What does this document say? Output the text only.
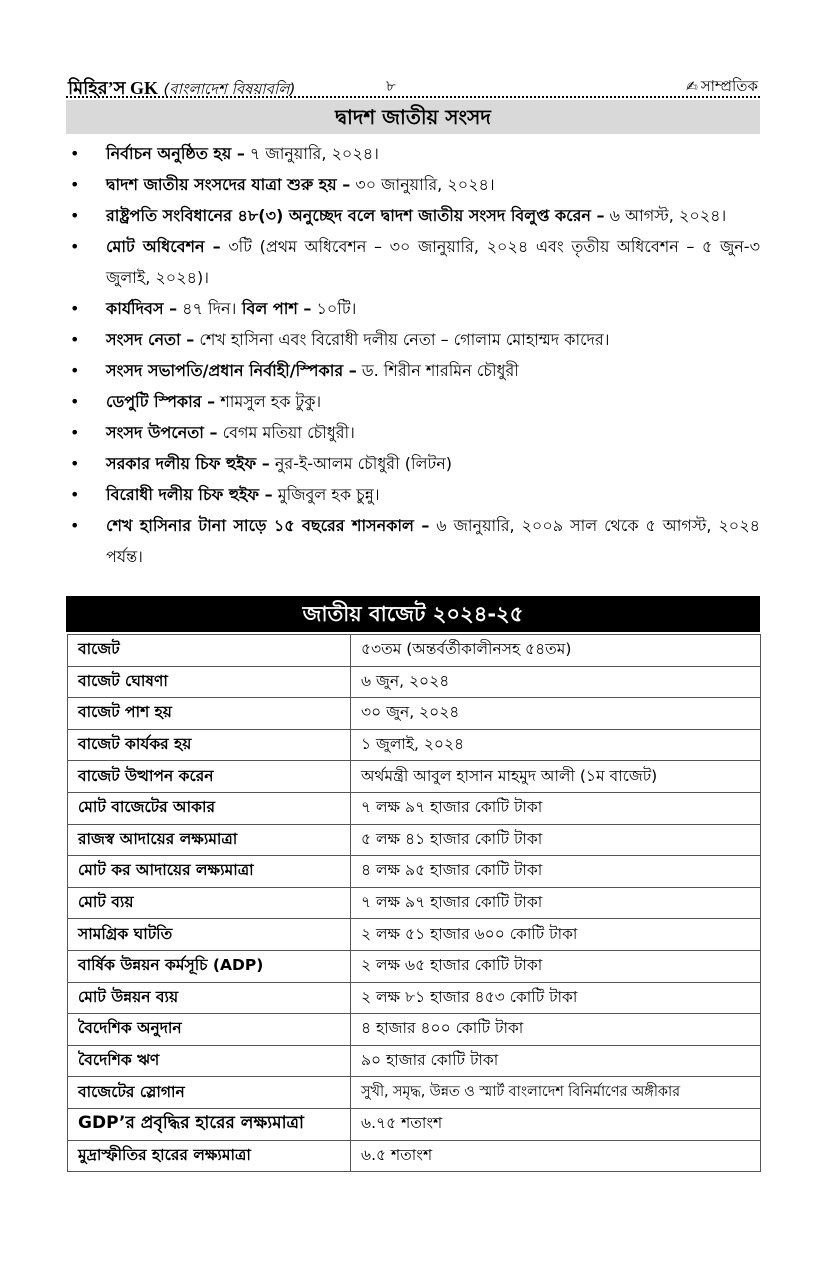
মিহির’স GK (বাংলাদেশ বিষয়াবলি)	৮	✍ সাম্প্রতিক
দ্বাদশ জাতীয় সংসদ
• নির্বাচন অনুষ্ঠিত হয় – ৭ জানুয়ারি, ২০২৪।
• দ্বাদশ জাতীয় সংসদের যাত্রা শুরু হয় – ৩০ জানুয়ারি, ২০২৪।
• রাষ্ট্রপতি সংবিধানের ৪৮(৩) অনুচ্ছেদ বলে দ্বাদশ জাতীয় সংসদ বিলুপ্ত করেন – ৬ আগস্ট, ২০২৪।
• মোট অধিবেশন – ৩টি (প্রথম অধিবেশন – ৩০ জানুয়ারি, ২০২৪ এবং তৃতীয় অধিবেশন – ৫ জুন-৩ জুলাই, ২০২৪)।
• কার্যদিবস – ৪৭ দিন। বিল পাশ – ১০টি।
• সংসদ নেতা – শেখ হাসিনা এবং বিরোধী দলীয় নেতা – গোলাম মোহাম্মদ কাদের।
• সংসদ সভাপতি/প্রধান নির্বাহী/স্পিকার – ড. শিরীন শারমিন চৌধুরী
• ডেপুটি স্পিকার – শামসুল হক টুকু।
• সংসদ উপনেতা – বেগম মতিয়া চৌধুরী।
• সরকার দলীয় চিফ হুইফ – নুর-ই-আলম চৌধুরী (লিটন)
• বিরোধী দলীয় চিফ হুইফ – মুজিবুল হক চুন্নু।
• শেখ হাসিনার টানা সাড়ে ১৫ বছরের শাসনকাল – ৬ জানুয়ারি, ২০০৯ সাল থেকে ৫ আগস্ট, ২০২৪ পর্যন্ত।
জাতীয় বাজেট ২০২৪-২৫
বাজেট	৫৩তম (অন্তর্বর্তীকালীনসহ ৫৪তম)
বাজেট ঘোষণা	৬ জুন, ২০২৪
বাজেট পাশ হয়	৩০ জুন, ২০২৪
বাজেট কার্যকর হয়	১ জুলাই, ২০২৪
বাজেট উত্থাপন করেন	অর্থমন্ত্রী আবুল হাসান মাহমুদ আলী (১ম বাজেট)
মোট বাজেটের আকার	৭ লক্ষ ৯৭ হাজার কোটি টাকা
রাজস্ব আদায়ের লক্ষ্যমাত্রা	৫ লক্ষ ৪১ হাজার কোটি টাকা
মোট কর আদায়ের লক্ষ্যমাত্রা	৪ লক্ষ ৯৫ হাজার কোটি টাকা
মোট ব্যয়	৭ লক্ষ ৯৭ হাজার কোটি টাকা
সামগ্রিক ঘাটতি	২ লক্ষ ৫১ হাজার ৬০০ কোটি টাকা
বার্ষিক উন্নয়ন কর্মসূচি (ADP)	২ লক্ষ ৬৫ হাজার কোটি টাকা
মোট উন্নয়ন ব্যয়	২ লক্ষ ৮১ হাজার ৪৫৩ কোটি টাকা
বৈদেশিক অনুদান	৪ হাজার ৪০০ কোটি টাকা
বৈদেশিক ঋণ	৯০ হাজার কোটি টাকা
বাজেটের স্লোগান	সুখী, সমৃদ্ধ, উন্নত ও স্মার্ট বাংলাদেশ বিনির্মাণের অঙ্গীকার
GDP’র প্রবৃদ্ধির হারের লক্ষ্যমাত্রা	৬.৭৫ শতাংশ
মুদ্রাস্ফীতির হারের লক্ষ্যমাত্রা	৬.৫ শতাংশ
